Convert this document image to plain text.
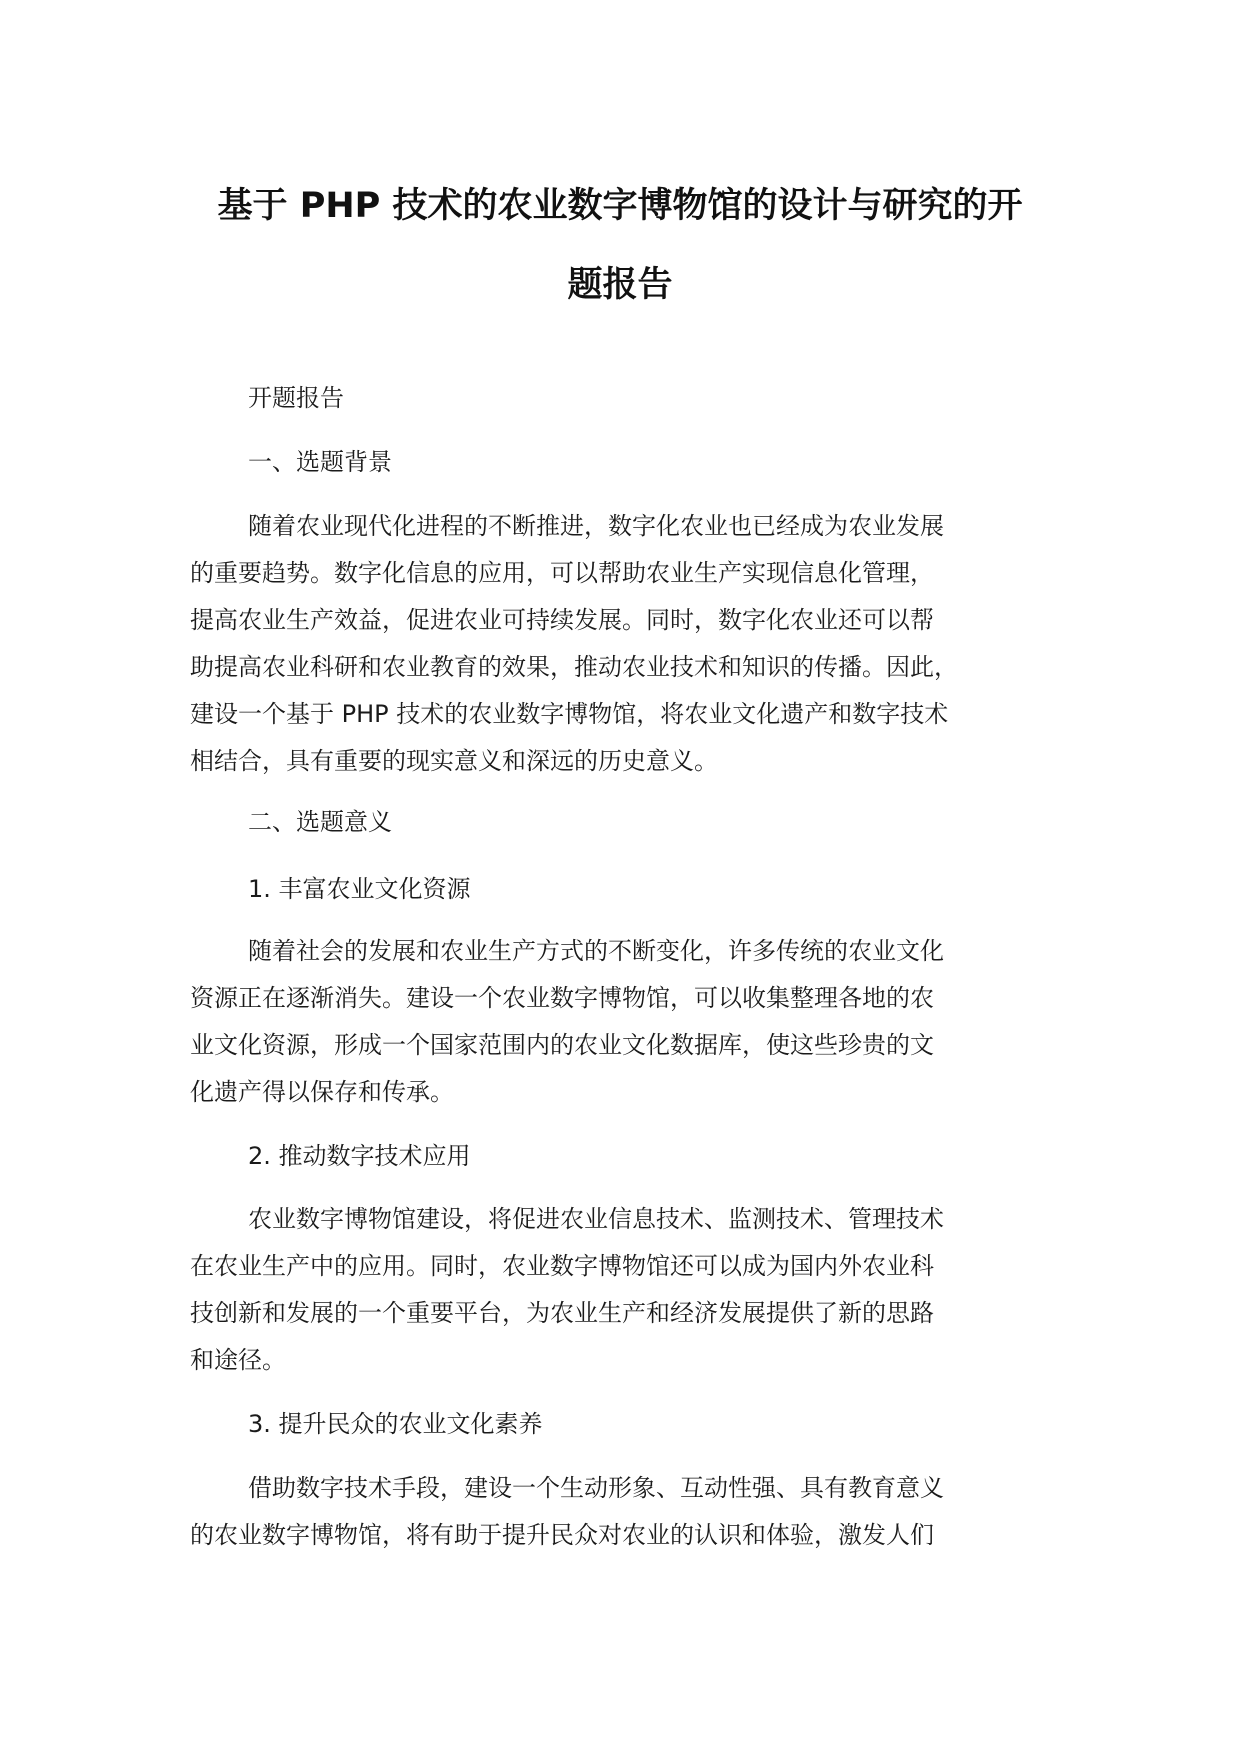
基于 PHP 技术的农业数字博物馆的设计与研究的开
题报告
开题报告
一、选题背景
随着农业现代化进程的不断推进，数字化农业也已经成为农业发展
的重要趋势。数字化信息的应用，可以帮助农业生产实现信息化管理，
提高农业生产效益，促进农业可持续发展。同时，数字化农业还可以帮
助提高农业科研和农业教育的效果，推动农业技术和知识的传播。因此，
建设一个基于 PHP 技术的农业数字博物馆，将农业文化遗产和数字技术
相结合，具有重要的现实意义和深远的历史意义。
二、选题意义
1. 丰富农业文化资源
随着社会的发展和农业生产方式的不断变化，许多传统的农业文化
资源正在逐渐消失。建设一个农业数字博物馆，可以收集整理各地的农
业文化资源，形成一个国家范围内的农业文化数据库，使这些珍贵的文
化遗产得以保存和传承。
2. 推动数字技术应用
农业数字博物馆建设，将促进农业信息技术、监测技术、管理技术
在农业生产中的应用。同时，农业数字博物馆还可以成为国内外农业科
技创新和发展的一个重要平台，为农业生产和经济发展提供了新的思路
和途径。
3. 提升民众的农业文化素养
借助数字技术手段，建设一个生动形象、互动性强、具有教育意义
的农业数字博物馆，将有助于提升民众对农业的认识和体验，激发人们
